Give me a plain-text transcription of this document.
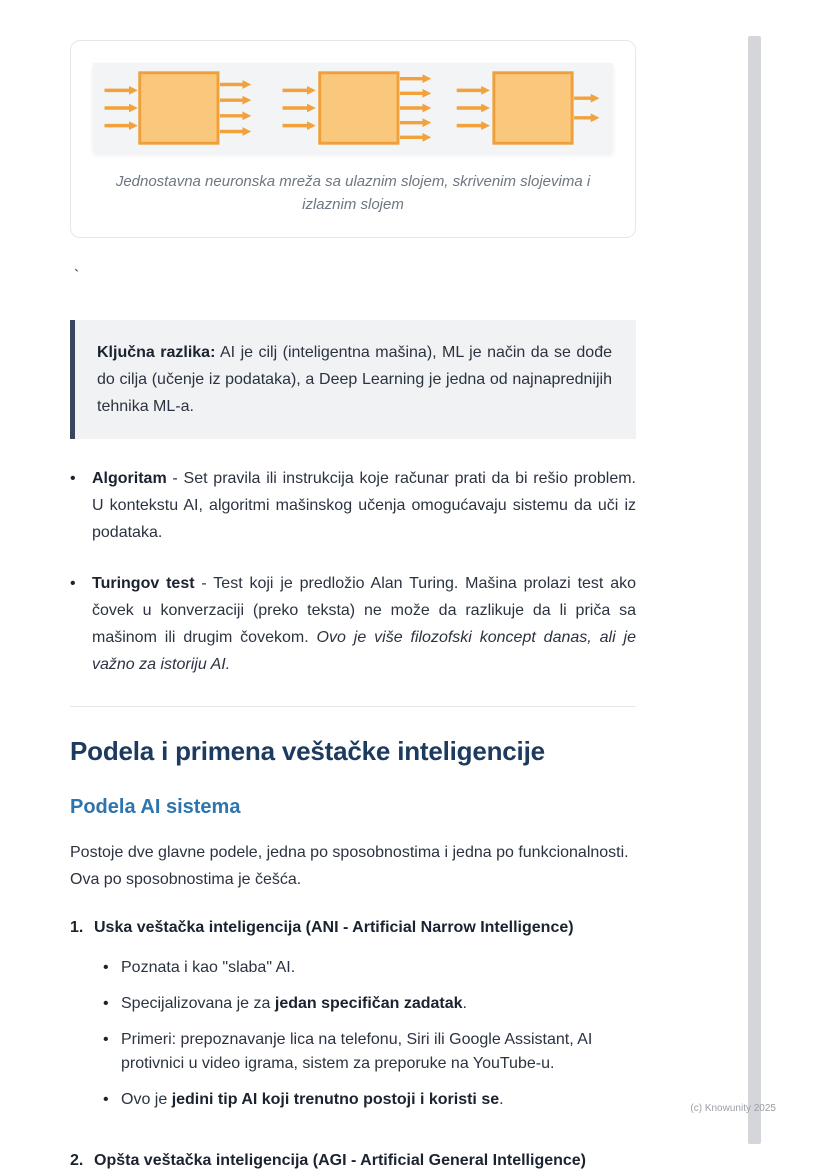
Jednostavna neuronska mreža sa ulaznim slojem, skrivenim slojevima i izlaznim slojem

`

Ključna razlika: AI je cilj (inteligentna mašina), ML je način da se dođe do cilja (učenje iz podataka), a Deep Learning je jedna od najnaprednijih tehnika ML-a.

•	Algoritam - Set pravila ili instrukcija koje računar prati da bi rešio problem. U kontekstu AI, algoritmi mašinskog učenja omogućavaju sistemu da uči iz podataka.

•	Turingov test - Test koji je predložio Alan Turing. Mašina prolazi test ako čovek u konverzaciji (preko teksta) ne može da razlikuje da li priča sa mašinom ili drugim čovekom. Ovo je više filozofski koncept danas, ali je važno za istoriju AI.

Podela i primena veštačke inteligencije
Podela AI sistema

Postoje dve glavne podele, jedna po sposobnostima i jedna po funkcionalnosti. Ova po sposobnostima je češća.

1. Uska veštačka inteligencija (ANI - Artificial Narrow Intelligence)

• Poznata i kao "slaba" AI.
• Specijalizovana je za jedan specifičan zadatak.
• Primeri: prepoznavanje lica na telefonu, Siri ili Google Assistant, AI protivnici u video igrama, sistem za preporuke na YouTube-u.
• Ovo je jedini tip AI koji trenutno postoji i koristi se.
2. Opšta veštačka inteligencija (AGI - Artificial General Intelligence)

(c) Knowunity 2025
